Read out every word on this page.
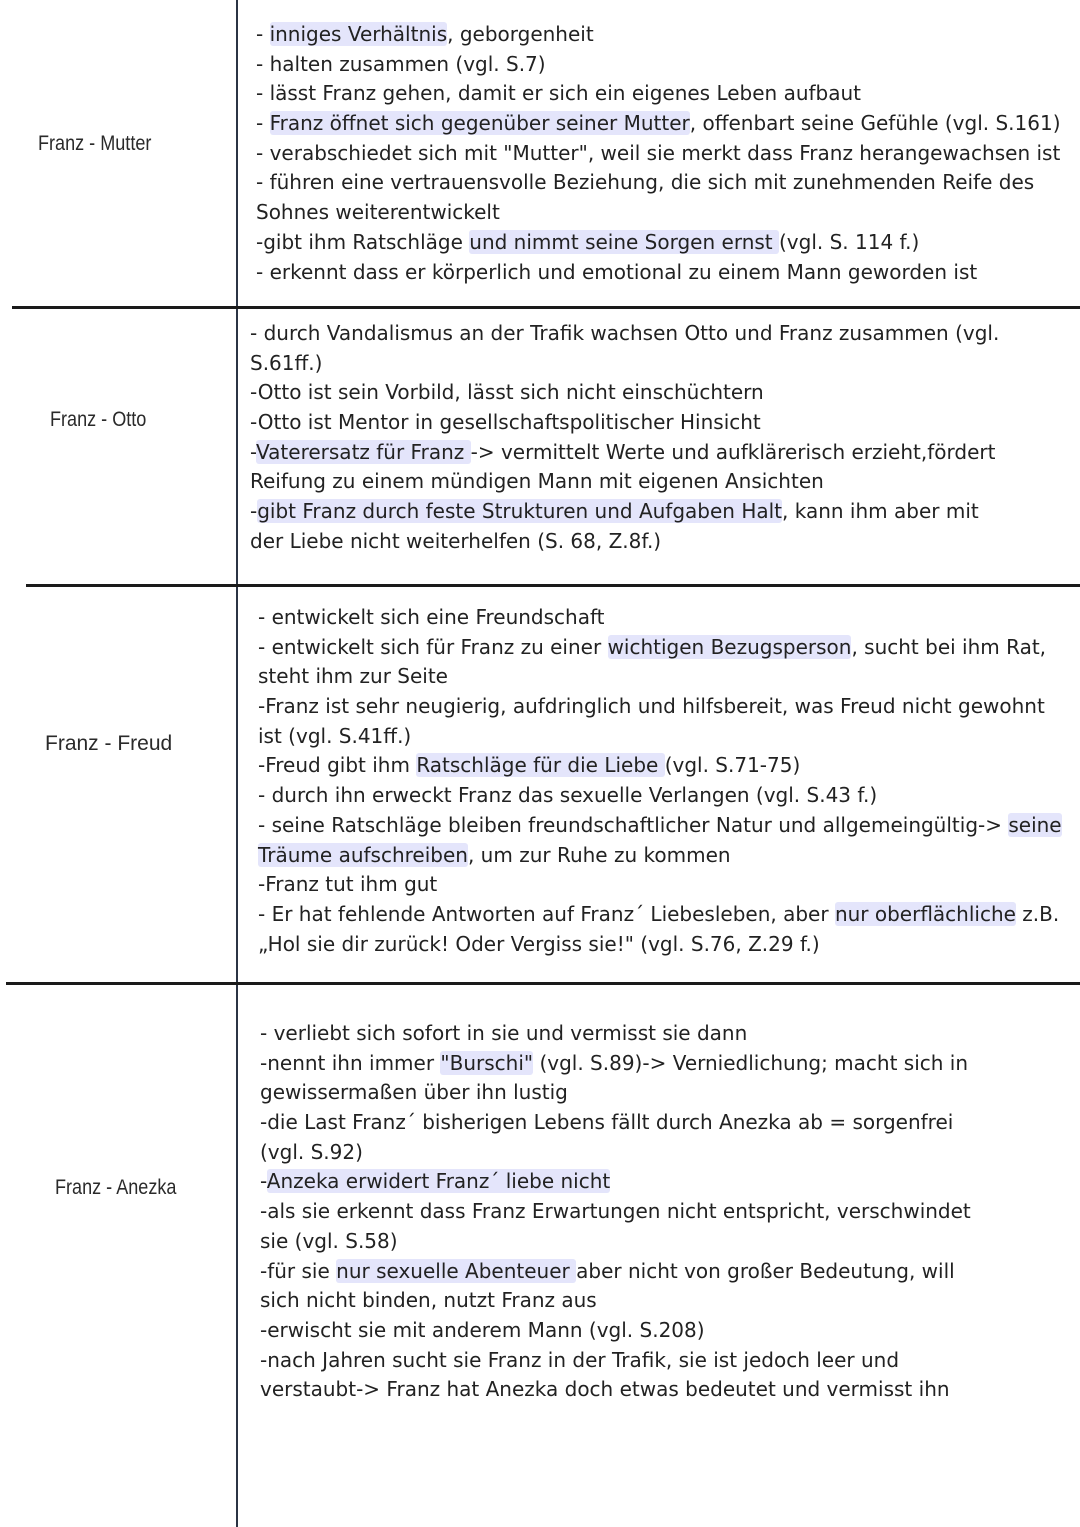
Franz - Mutter
Franz - Otto
Franz - Freud
Franz - Anezka
- inniges Verhältnis, geborgenheit
- halten zusammen (vgl. S.7)
- lässt Franz gehen, damit er sich ein eigenes Leben aufbaut
- Franz öffnet sich gegenüber seiner Mutter, offenbart seine Gefühle (vgl. S.161)
- verabschiedet sich mit "Mutter", weil sie merkt dass Franz herangewachsen ist
- führen eine vertrauensvolle Beziehung, die sich mit zunehmenden Reife des
Sohnes weiterentwickelt
-gibt ihm Ratschläge und nimmt seine Sorgen ernst (vgl. S. 114 f.)
- erkennt dass er körperlich und emotional zu einem Mann geworden ist
- durch Vandalismus an der Trafik wachsen Otto und Franz zusammen (vgl.
S.61ff.)
-Otto ist sein Vorbild, lässt sich nicht einschüchtern
-Otto ist Mentor in gesellschaftspolitischer Hinsicht
-Vaterersatz für Franz -> vermittelt Werte und aufklärerisch erzieht,fördert
Reifung zu einem mündigen Mann mit eigenen Ansichten
-gibt Franz durch feste Strukturen und Aufgaben Halt, kann ihm aber mit
der Liebe nicht weiterhelfen (S. 68, Z.8f.)
- entwickelt sich eine Freundschaft
- entwickelt sich für Franz zu einer wichtigen Bezugsperson, sucht bei ihm Rat,
steht ihm zur Seite
-Franz ist sehr neugierig, aufdringlich und hilfsbereit, was Freud nicht gewohnt
ist (vgl. S.41ff.)
-Freud gibt ihm Ratschläge für die Liebe (vgl. S.71-75)
- durch ihn erweckt Franz das sexuelle Verlangen (vgl. S.43 f.)
- seine Ratschläge bleiben freundschaftlicher Natur und allgemeingültig-> seine
Träume aufschreiben, um zur Ruhe zu kommen
-Franz tut ihm gut
- Er hat fehlende Antworten auf Franz´ Liebesleben, aber nur oberflächliche z.B.
„Hol sie dir zurück! Oder Vergiss sie!" (vgl. S.76, Z.29 f.)
- verliebt sich sofort in sie und vermisst sie dann
-nennt ihn immer "Burschi" (vgl. S.89)-> Verniedlichung; macht sich in
gewissermaßen über ihn lustig
-die Last Franz´ bisherigen Lebens fällt durch Anezka ab = sorgenfrei
(vgl. S.92)
-Anzeka erwidert Franz´ liebe nicht
-als sie erkennt dass Franz Erwartungen nicht entspricht, verschwindet
sie (vgl. S.58)
-für sie nur sexuelle Abenteuer aber nicht von großer Bedeutung, will
sich nicht binden, nutzt Franz aus
-erwischt sie mit anderem Mann (vgl. S.208)
-nach Jahren sucht sie Franz in der Trafik, sie ist jedoch leer und
verstaubt-> Franz hat Anezka doch etwas bedeutet und vermisst ihn
